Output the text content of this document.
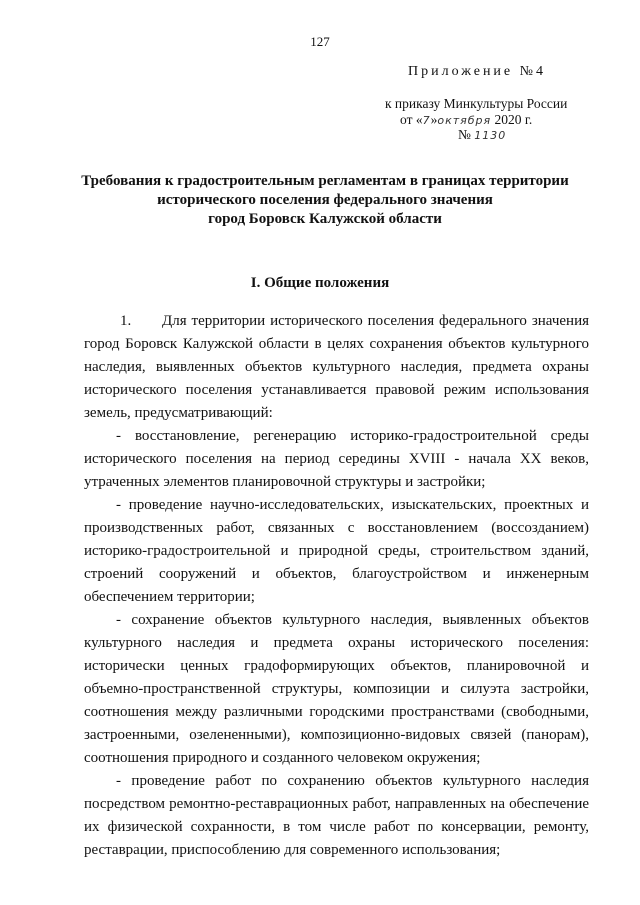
127
Приложение №4
к приказу Минкультуры России
от «7»октября 2020 г.
№ 1130
Требования к градостроительным регламентам в границах территории
исторического поселения федерального значения
город Боровск Калужской области
I. Общие положения

1. Для территории исторического поселения федерального значения город Боровск Калужской области в целях сохранения объектов культурного наследия, выявленных объектов культурного наследия, предмета охраны исторического поселения устанавливается правовой режим использования земель, предусматривающий:

- восстановление, регенерацию историко-градостроительной среды исторического поселения на период середины XVIII - начала XX веков, утраченных элементов планировочной структуры и застройки;

- проведение научно-исследовательских, изыскательских, проектных и производственных работ, связанных с восстановлением (воссозданием) историко-градостроительной и природной среды, строительством зданий, строений сооружений и объектов, благоустройством и инженерным обеспечением территории;

- сохранение объектов культурного наследия, выявленных объектов культурного наследия и предмета охраны исторического поселения: исторически ценных градоформирующих объектов, планировочной и объемно-пространственной структуры, композиции и силуэта застройки, соотношения между различными городскими пространствами (свободными, застроенными, озелененными), композиционно-видовых связей (панорам), соотношения природного и созданного человеком окружения;

- проведение работ по сохранению объектов культурного наследия посредством ремонтно-реставрационных работ, направленных на обеспечение их физической сохранности, в том числе работ по консервации, ремонту, реставрации, приспособлению для современного использования;
